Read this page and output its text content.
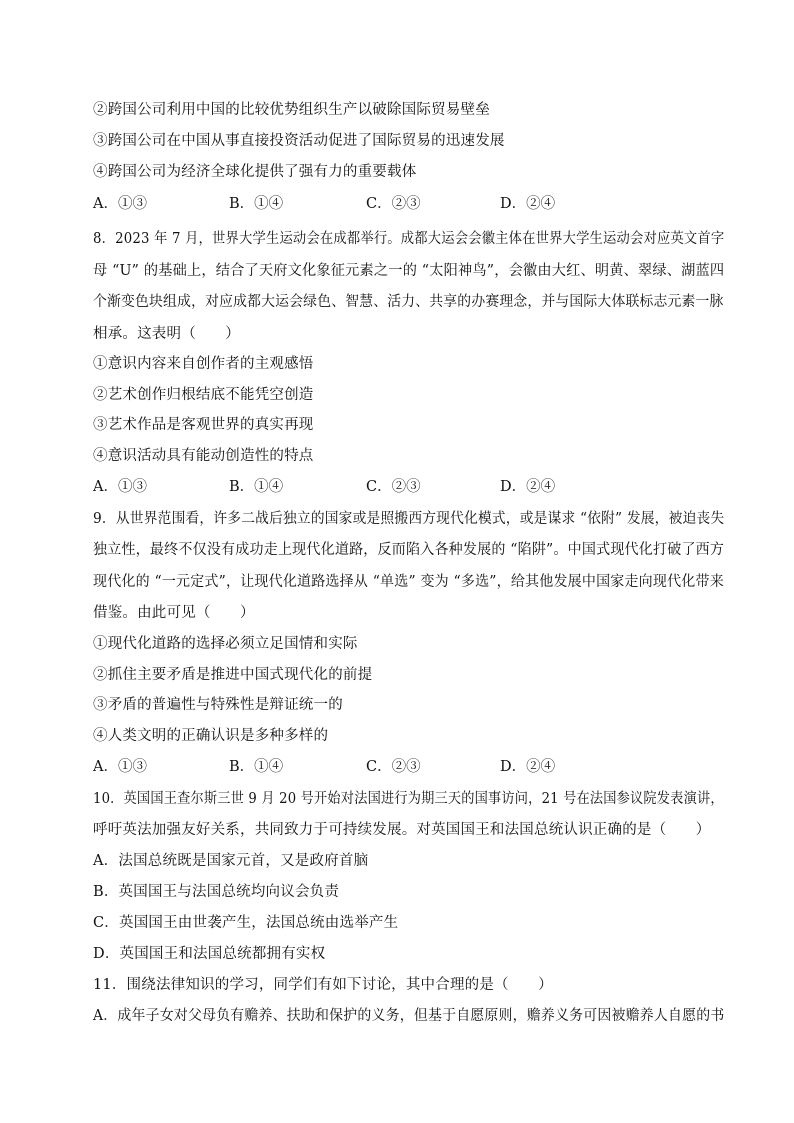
②跨国公司利用中国的比较优势组织生产以破除国际贸易壁垒
③跨国公司在中国从事直接投资活动促进了国际贸易的迅速发展
④跨国公司为经济全球化提供了强有力的重要载体
A．①③	B．①④	C．②③	D．②④
8．2023 年 7 月，世界大学生运动会在成都举行。成都大运会会徽主体在世界大学生运动会对应英文首字
母 “U” 的基础上，结合了天府文化象征元素之一的 “太阳神鸟”，会徽由大红、明黄、翠绿、湖蓝四
个渐变色块组成，对应成都大运会绿色、智慧、活力、共享的办赛理念，并与国际大体联标志元素一脉
相承。这表明（　　）
①意识内容来自创作者的主观感悟
②艺术创作归根结底不能凭空创造
③艺术作品是客观世界的真实再现
④意识活动具有能动创造性的特点
A．①③	B．①④	C．②③	D．②④
9．从世界范围看，许多二战后独立的国家或是照搬西方现代化模式，或是谋求 “依附” 发展，被迫丧失
独立性，最终不仅没有成功走上现代化道路，反而陷入各种发展的 “陷阱”。中国式现代化打破了西方
现代化的 “一元定式”，让现代化道路选择从 “单选” 变为 “多选”，给其他发展中国家走向现代化带来
借鉴。由此可见（　　）
①现代化道路的选择必须立足国情和实际
②抓住主要矛盾是推进中国式现代化的前提
③矛盾的普遍性与特殊性是辩证统一的
④人类文明的正确认识是多种多样的
A．①③	B．①④	C．②③	D．②④
10．英国国王查尔斯三世 9 月 20 号开始对法国进行为期三天的国事访问，21 号在法国参议院发表演讲，
呼吁英法加强友好关系，共同致力于可持续发展。对英国国王和法国总统认识正确的是（　　）
A．法国总统既是国家元首，又是政府首脑
B．英国国王与法国总统均向议会负责
C．英国国王由世袭产生，法国总统由选举产生
D．英国国王和法国总统都拥有实权
11．围绕法律知识的学习，同学们有如下讨论，其中合理的是（　　）
A．成年子女对父母负有赡养、扶助和保护的义务，但基于自愿原则，赡养义务可因被赡养人自愿的书
